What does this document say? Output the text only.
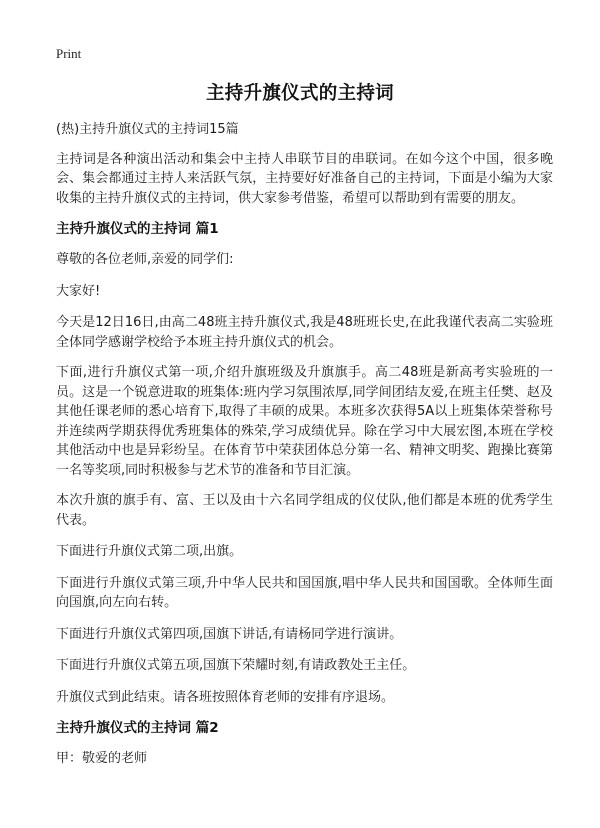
Print
主持升旗仪式的主持词

(热)主持升旗仪式的主持词15篇

主持词是各种演出活动和集会中主持人串联节目的串联词。在如今这个中国，很多晚会、集会都通过主持人来活跃气氛，主持要好好准备自己的主持词，下面是小编为大家收集的主持升旗仪式的主持词，供大家参考借鉴，希望可以帮助到有需要的朋友。

主持升旗仪式的主持词 篇1

尊敬的各位老师,亲爱的同学们:

大家好!

今天是12日16日,由高二48班主持升旗仪式,我是48班班长史,在此我谨代表高二实验班全体同学感谢学校给予本班主持升旗仪式的机会。

下面,进行升旗仪式第一项,介绍升旗班级及升旗旗手。高二48班是新高考实验班的一员。这是一个锐意进取的班集体:班内学习氛围浓厚,同学间团结友爱,在班主任樊、赵及其他任课老师的悉心培育下,取得了丰硕的成果。本班多次获得5A以上班集体荣誉称号并连续两学期获得优秀班集体的殊荣,学习成绩优异。除在学习中大展宏图,本班在学校其他活动中也是异彩纷呈。在体育节中荣获团体总分第一名、精神文明奖、跑操比赛第一名等奖项,同时积极参与艺术节的准备和节目汇演。

本次升旗的旗手有、富、王以及由十六名同学组成的仪仗队,他们都是本班的优秀学生代表。

下面进行升旗仪式第二项,出旗。

下面进行升旗仪式第三项,升中华人民共和国国旗,唱中华人民共和国国歌。全体师生面向国旗,向左向右转。

下面进行升旗仪式第四项,国旗下讲话,有请杨同学进行演讲。

下面进行升旗仪式第五项,国旗下荣耀时刻,有请政教处王主任。

升旗仪式到此结束。请各班按照体育老师的安排有序退场。

主持升旗仪式的主持词 篇2

甲：敬爱的老师
